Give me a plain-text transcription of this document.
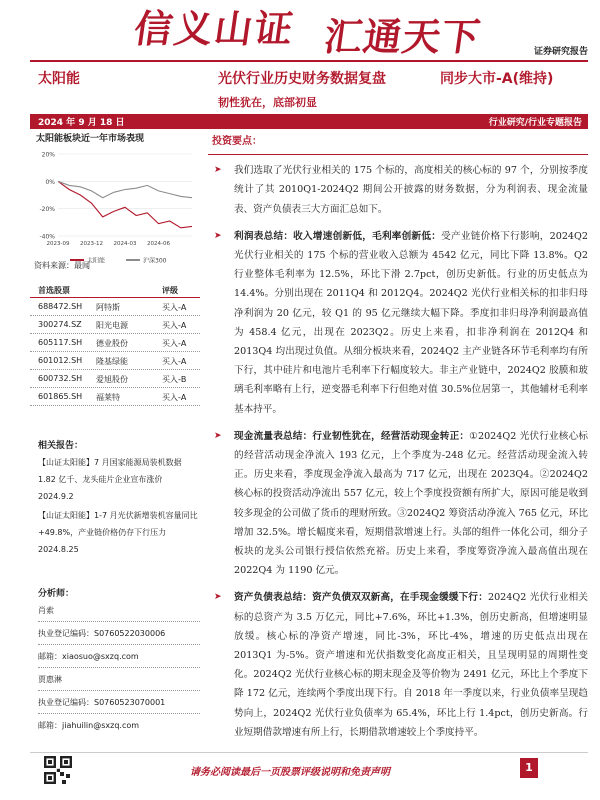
信义山证 汇通天下	证券研究报告
太阳能	光伏行业历史财务数据复盘	同步大市-A(维持)
韧性犹在，底部初显
2024 年 9 月 18 日	行业研究/行业专题报告
太阳能板块近一年市场表现
20%
0%
-20%
-40%
2023-09 2023-12 2024-03 2024-06
太阳能	沪深300
资料来源：最闻
首选股票	评级
688472.SH 阿特斯	买入-A
300274.SZ 阳光电源	买入-A
605117.SH 德业股份	买入-A
601012.SH 隆基绿能	买入-A
600732.SH 爱旭股份	买入-B
601865.SH 福莱特	买入-A
相关报告：
【山证太阳能】7 月国家能源局装机数据 1.82 亿千、龙头硅片企业宣布涨价 2024.9.2
【山证太阳能】1-7 月光伏新增装机容量同比+49.8%，产业链价格仍存下行压力 2024.8.25
分析师：
肖索
执业登记编码：S0760522030006
邮箱：xiaosuo@sxzq.com
贾惠淋
执业登记编码：S0760523070001
邮箱：jiahuilin@sxzq.com
投资要点：
➤ 我们选取了光伏行业相关的 175 个标的，高度相关的核心标的 97 个，分别按季度统计了其 2010Q1-2024Q2 期间公开披露的财务数据，分为利润表、现金流量表、资产负债表三大方面汇总如下。
➤ 利润表总结：收入增速创新低，毛利率创新低：受产业链价格下行影响，2024Q2 光伏行业相关的 175 个标的营业收入总额为 4542 亿元，同比下降 13.8%。Q2 行业整体毛利率为 12.5%，环比下滑 2.7pct，创历史新低。行业的历史低点为 14.4%。分别出现在 2011Q4 和 2012Q4。2024Q2 光伏行业相关标的扣非归母净利润为 20 亿元，较 Q1 的 95 亿元继续大幅下降。季度扣非归母净利润最高值为 458.4 亿元，出现在 2023Q2。历史上来看，扣非净利润在 2012Q4 和 2013Q4 均出现过负值。从细分板块来看，2024Q2 主产业链各环节毛利率均有所下行，其中硅片和电池片毛利率下行幅度较大。非主产业链中，2024Q2 胶膜和玻璃毛利率略有上行，逆变器毛利率下行但绝对值 30.5%位居第一，其他辅材毛利率基本持平。
➤ 现金流量表总结：行业韧性犹在，经营活动现金转正：①2024Q2 光伏行业核心标的经营活动现金净流入 193 亿元，上个季度为-248 亿元。经营活动现金流入转正。历史来看，季度现金净流入最高为 717 亿元，出现在 2023Q4。②2024Q2 核心标的投资活动净流出 557 亿元，较上个季度投资额有所扩大，原因可能是收到较多现金的公司做了货币的理财所致。③2024Q2 筹资活动净流入 765 亿元，环比增加 32.5%。增长幅度来看，短期借款增速上行。头部的组件一体化公司，细分子板块的龙头公司银行授信依然充裕。历史上来看，季度筹资净流入最高值出现在 2022Q4 为 1190 亿元。
➤ 资产负债表总结：资产负债双双新高，在手现金缓缓下行：2024Q2 光伏行业相关标的总资产为 3.5 万亿元，同比+7.6%，环比+1.3%，创历史新高，但增速明显放缓。核心标的净资产增速，同比-3%，环比-4%，增速的历史低点出现在 2013Q1 为-5%。资产增速和光伏指数变化高度正相关，且呈现明显的周期性变化。2024Q2 光伏行业核心标的期末现金及等价物为 2491 亿元，环比上个季度下降 172 亿元，连续两个季度出现下行。自 2018 年一季度以来，行业负债率呈现趋势向上，2024Q2 光伏行业负债率为 65.4%，环比上行 1.4pct，创历史新高。行业短期借款增速有所上行，长期借款增速较上个季度持平。
请务必阅读最后一页股票评级说明和免责声明	1
